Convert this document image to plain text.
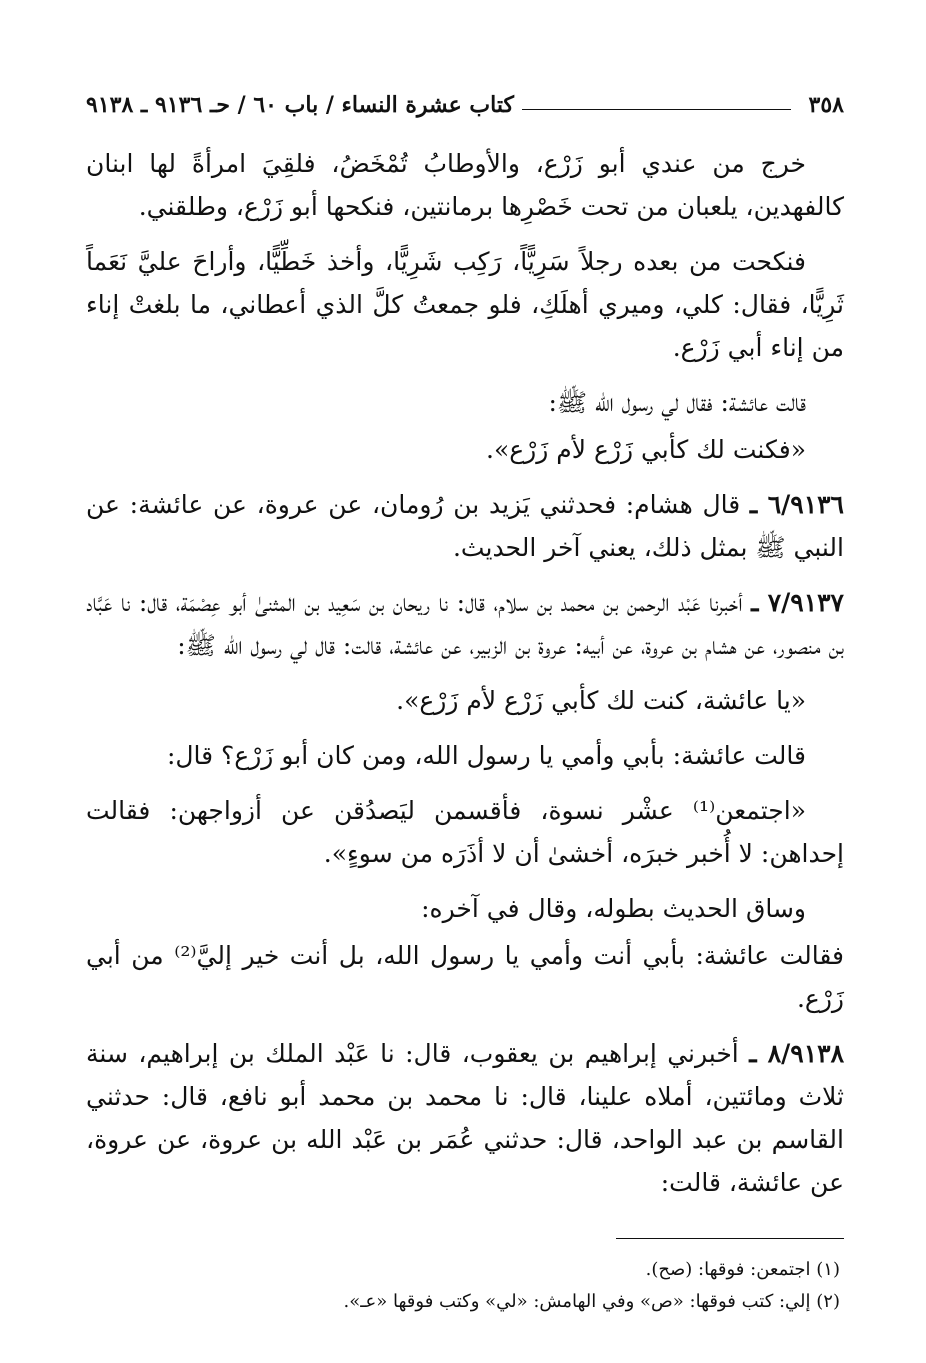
٣٥٨
كتاب عشرة النساء / باب ٦٠ / حـ ٩١٣٦ ـ ٩١٣٨

خرج من عندي أبو زَرْع، والأوطابُ تُمْخَضُ، فلقِيَ امرأةً لها ابنان كالفهدين، يلعبان من تحت خَصْرِها برمانتين، فنكحها أبو زَرْع، وطلقني.

فنكحت من بعده رجلاً سَرِيًّاً، رَكِب شَرِيًّا، وأخذ خَطِّيًّا، وأراحَ عليَّ نَعَماً ثَرِيًّا، فقال: كلي، وميري أهلَكِ، فلو جمعتُ كلَّ الذي أعطاني، ما بلغتْ إناء من إناء أبي زَرْع.

قالت عائشة: فقال لي رسول الله ﷺ:

«فكنت لك كأبي زَرْع لأم زَرْع».

٦/٩١٣٦ ـ قال هشام: فحدثني يَزيد بن رُومان، عن عروة، عن عائشة: عن النبي ﷺ بمثل ذلك، يعني آخر الحديث.

٧/٩١٣٧ ـ أخبرنا عَبْد الرحمن بن محمد بن سلام، قال: نا ريحان بن سَعِيد بن المثنىٰ أبو عِصْمَة، قال: نا عَبَّاد بن منصور، عن هشام بن عروة، عن أبيه: عروة بن الزبير، عن عائشة، قالت: قال لي رسول الله ﷺ:

«يا عائشة، كنت لك كأبي زَرْع لأم زَرْع».

قالت عائشة: بأبي وأمي يا رسول الله، ومن كان أبو زَرْع؟ قال:

«اجتمعن⁽¹⁾ عشْر نسوة، فأقسمن ليَصدُقن عن أزواجهن: فقالت إحداهن: لا أُخبر خبرَه، أخشىٰ أن لا أذَرَه من سوءٍ».

وساق الحديث بطوله، وقال في آخره:

فقالت عائشة: بأبي أنت وأمي يا رسول الله، بل أنت خير إليَّ⁽²⁾ من أبي زَرْع.

٨/٩١٣٨ ـ أخبرني إبراهيم بن يعقوب، قال: نا عَبْد الملك بن إبراهيم، سنة ثلاث ومائتين، أملاه علينا، قال: نا محمد بن محمد أبو نافع، قال: حدثني القاسم بن عبد الواحد، قال: حدثني عُمَر بن عَبْد الله بن عروة، عن عروة، عن عائشة، قالت:

(١) اجتمعن: فوقها: (صح).

(٢) إلي: كتب فوقها: «ص» وفي الهامش: «لي» وكتب فوقها «عـ».
